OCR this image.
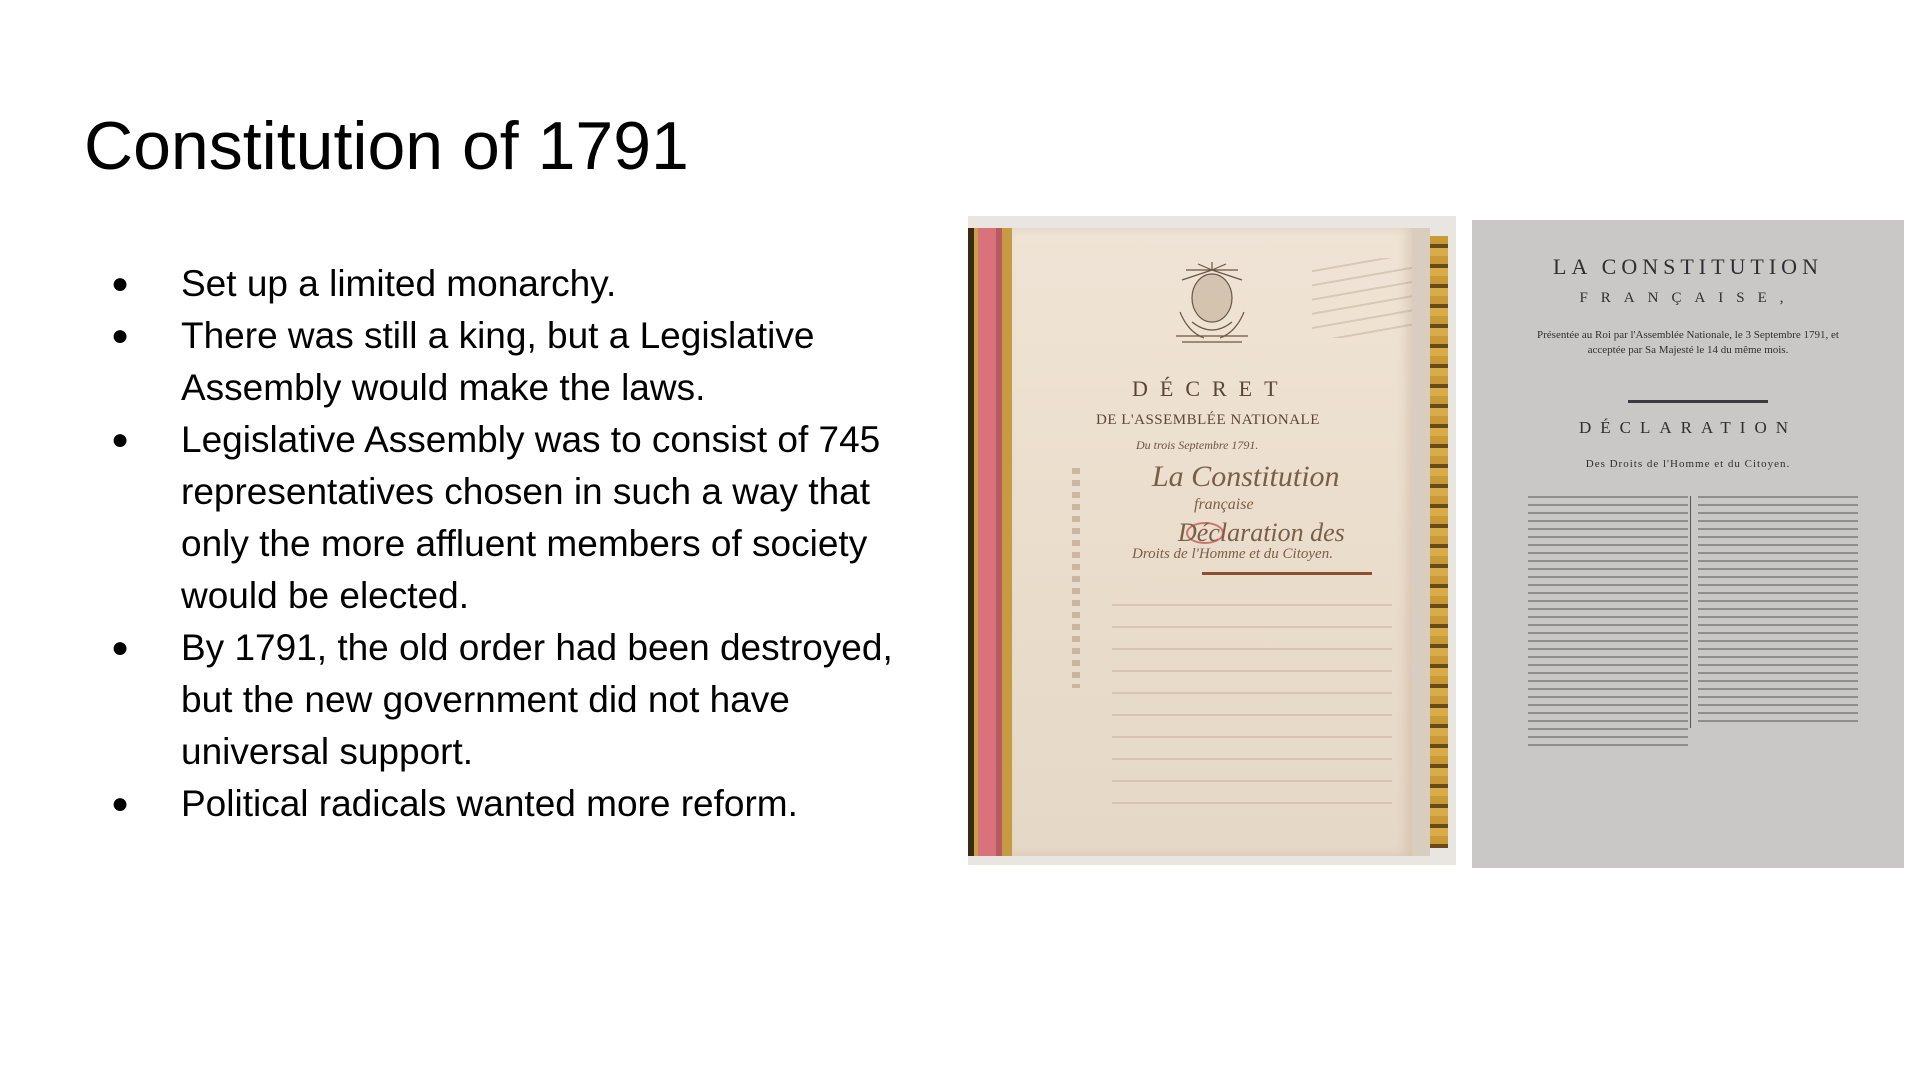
Constitution of 1791
● Set up a limited monarchy.
● There was still a king, but a Legislative Assembly would make the laws.
● Legislative Assembly was to consist of 745 representatives chosen in such a way that only the more affluent members of society would be elected.
● By 1791, the old order had been destroyed, but the new government did not have universal support.
● Political radicals wanted more reform.
DÉCRET
DE L'ASSEMBLÉE NATIONALE
Du trois Septembre 1791.
La Constitution
française
Déclaration des
Droits de l'Homme et du Citoyen.
LA CONSTITUTION
FRANÇAISE,
Présentée au Roi par l'Assemblée Nationale, le 3 Septembre 1791, et acceptée par Sa Majesté le 14 du même mois.
DÉCLARATION
Des Droits de l'Homme et du Citoyen.
